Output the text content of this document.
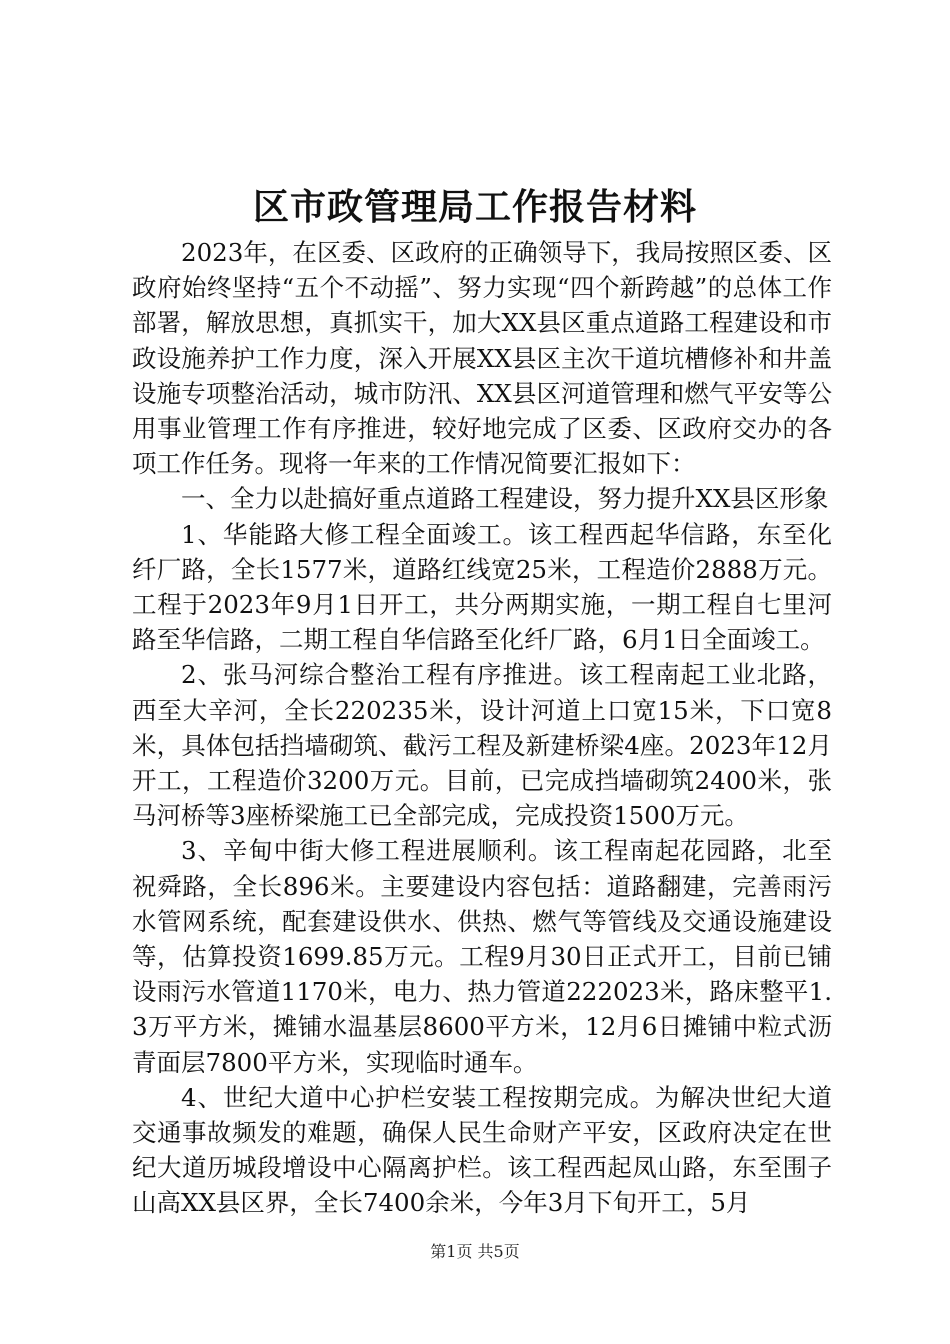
区市政管理局工作报告材料

2023年，在区委、区政府的正确领导下，我局按照区委、区政府始终坚持“五个不动摇”、努力实现“四个新跨越”的总体工作部署，解放思想，真抓实干，加大XX县区重点道路工程建设和市政设施养护工作力度，深入开展XX县区主次干道坑槽修补和井盖设施专项整治活动，城市防汛、XX县区河道管理和燃气平安等公用事业管理工作有序推进，较好地完成了区委、区政府交办的各项工作任务。现将一年来的工作情况简要汇报如下：

一、全力以赴搞好重点道路工程建设，努力提升XX县区形象

1、华能路大修工程全面竣工。该工程西起华信路，东至化纤厂路，全长1577米，道路红线宽25米，工程造价2888万元。工程于2023年9月1日开工，共分两期实施，一期工程自七里河路至华信路，二期工程自华信路至化纤厂路，6月1日全面竣工。

2、张马河综合整治工程有序推进。该工程南起工业北路，西至大辛河，全长220235米，设计河道上口宽15米，下口宽8米，具体包括挡墙砌筑、截污工程及新建桥梁4座。2023年12月开工，工程造价3200万元。目前，已完成挡墙砌筑2400米，张马河桥等3座桥梁施工已全部完成，完成投资1500万元。

3、辛甸中街大修工程进展顺利。该工程南起花园路，北至祝舜路，全长896米。主要建设内容包括：道路翻建，完善雨污水管网系统，配套建设供水、供热、燃气等管线及交通设施建设等，估算投资1699.85万元。工程9月30日正式开工，目前已铺设雨污水管道1170米，电力、热力管道222023米，路床整平1.3万平方米，摊铺水温基层8600平方米，12月6日摊铺中粒式沥青面层7800平方米，实现临时通车。

4、世纪大道中心护栏安装工程按期完成。为解决世纪大道交通事故频发的难题，确保人民生命财产平安，区政府决定在世纪大道历城段增设中心隔离护栏。该工程西起凤山路，东至围子山高XX县区界，全长7400余米，今年3月下旬开工，5月

第1页 共5页
